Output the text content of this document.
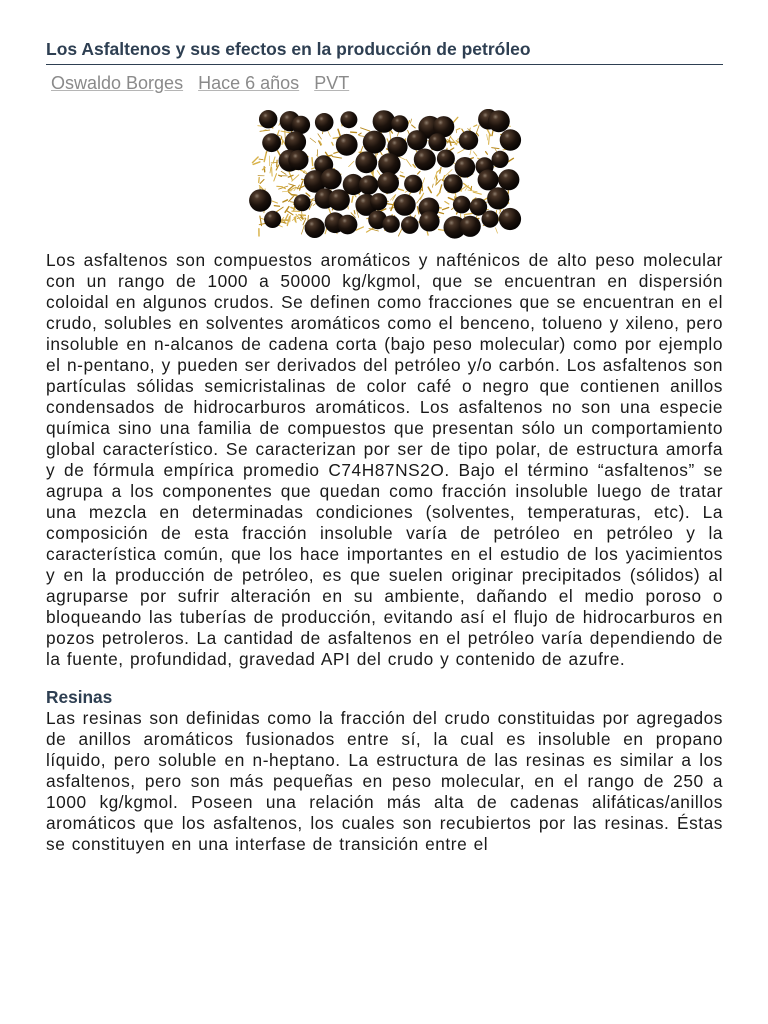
Los Asfaltenos y sus efectos en la producción de petróleo
Oswaldo Borges Hace 6 años PVT

Los asfaltenos son compuestos aromáticos y nafténicos de alto peso molecular con un rango de 1000 a 50000 kg/kgmol, que se encuentran en dispersión coloidal en algunos crudos. Se definen como fracciones que se encuentran en el crudo, solubles en solventes aromáticos como el benceno, tolueno y xileno, pero insoluble en n-alcanos de cadena corta (bajo peso molecular) como por ejemplo el n-pentano, y pueden ser derivados del petróleo y/o carbón. Los asfaltenos son partículas sólidas semicristalinas de color café o negro que contienen anillos condensados de hidrocarburos aromáticos. Los asfaltenos no son una especie química sino una familia de compuestos que presentan sólo un comportamiento global característico. Se caracterizan por ser de tipo polar, de estructura amorfa y de fórmula empírica promedio C74H87NS2O. Bajo el término “asfaltenos” se agrupa a los componentes que quedan como fracción insoluble luego de tratar una mezcla en determinadas condiciones (solventes, temperaturas, etc). La composición de esta fracción insoluble varía de petróleo en petróleo y la característica común, que los hace importantes en el estudio de los yacimientos y en la producción de petróleo, es que suelen originar precipitados (sólidos) al agruparse por sufrir alteración en su ambiente, dañando el medio poroso o bloqueando las tuberías de producción, evitando así el flujo de hidrocarburos en pozos petroleros. La cantidad de asfaltenos en el petróleo varía dependiendo de la fuente, profundidad, gravedad API del crudo y contenido de azufre.

Resinas

Las resinas son definidas como la fracción del crudo constituidas por agregados de anillos aromáticos fusionados entre sí, la cual es insoluble en propano líquido, pero soluble en n-heptano. La estructura de las resinas es similar a los asfaltenos, pero son más pequeñas en peso molecular, en el rango de 250 a 1000 kg/kgmol. Poseen una relación más alta de cadenas alifáticas/anillos aromáticos que los asfaltenos, los cuales son recubiertos por las resinas. Éstas se constituyen en una interfase de transición entre el
